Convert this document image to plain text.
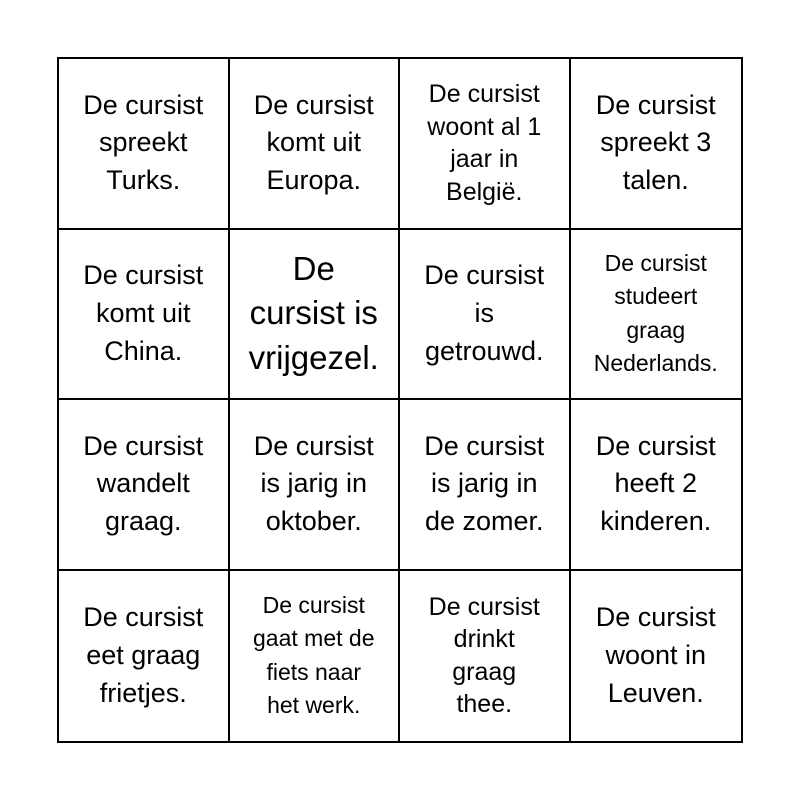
De cursist
spreekt
Turks.
De cursist
komt uit
Europa.
De cursist
woont al 1
jaar in
België.
De cursist
spreekt 3
talen.
De cursist
komt uit
China.
De
cursist is
vrijgezel.
De cursist
is
getrouwd.
De cursist
studeert
graag
Nederlands.
De cursist
wandelt
graag.
De cursist
is jarig in
oktober.
De cursist
is jarig in
de zomer.
De cursist
heeft 2
kinderen.
De cursist
eet graag
frietjes.
De cursist
gaat met de
fiets naar
het werk.
De cursist
drinkt
graag
thee.
De cursist
woont in
Leuven.
